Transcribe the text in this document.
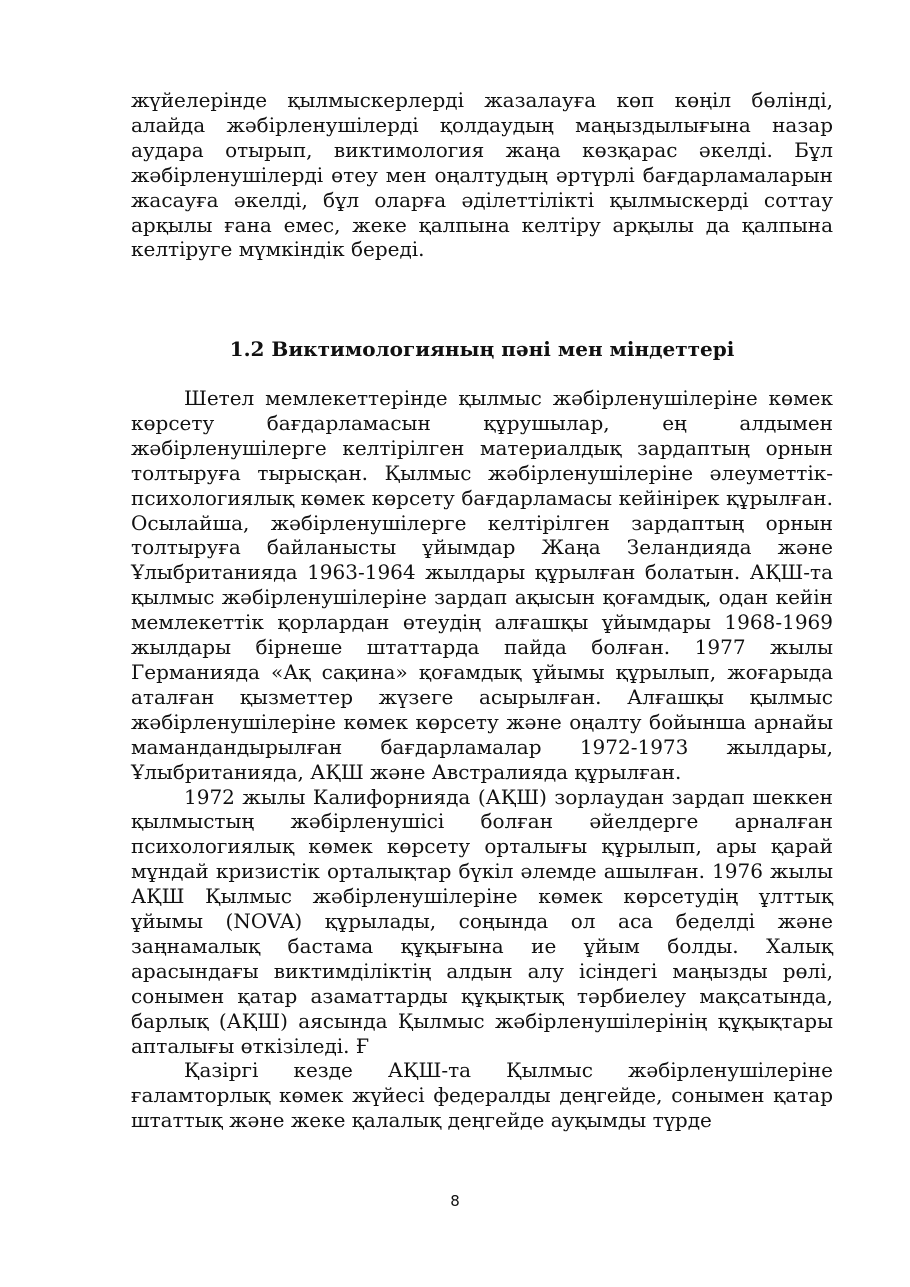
жүйелерінде қылмыскерлерді жазалауға көп көңіл бөлінді, алайда жәбірленушілерді қолдаудың маңыздылығына назар аудара отырып, виктимология жаңа көзқарас әкелді. Бұл жәбірленушілерді өтеу мен оңалтудың әртүрлі бағдарламаларын жасауға әкелді, бұл оларға әділеттілікті қылмыскерді соттау арқылы ғана емес, жеке қалпына келтіру арқылы да қалпына келтіруге мүмкіндік береді.

1.2 Виктимологияның пәні мен міндеттері

Шетел мемлекеттерінде қылмыс жәбірленушілеріне көмек көрсету бағдарламасын құрушылар, ең алдымен жәбірленушілерге келтірілген материалдық зардаптың орнын толтыруға тырысқан. Қылмыс жәбірленушілеріне әлеуметтік-психологиялық көмек көрсету бағдарламасы кейінірек құрылған. Осылайша, жәбірленушілерге келтірілген зардаптың орнын толтыруға байланысты ұйымдар Жаңа Зеландияда және Ұлыбританияда 1963-1964 жылдары құрылған болатын. АҚШ-та қылмыс жәбірленушілеріне зардап ақысын қоғамдық, одан кейін мемлекеттік қорлардан өтеудің алғашқы ұйымдары 1968-1969 жылдары бірнеше штаттарда пайда болған. 1977 жылы Германияда «Ақ сақина» қоғамдық ұйымы құрылып, жоғарыда аталған қызметтер жүзеге асырылған. Алғашқы қылмыс жәбірленушілеріне көмек көрсету және оңалту бойынша арнайы мамандандырылған бағдарламалар 1972-1973 жылдары, Ұлыбританияда, АҚШ және Австралияда құрылған.

1972 жылы Калифорнияда (АҚШ) зорлаудан зардап шеккен қылмыстың жәбірленушісі болған әйелдерге арналған психологиялық көмек көрсету орталығы құрылып, ары қарай мұндай кризистік орталықтар бүкіл әлемде ашылған. 1976 жылы АҚШ Қылмыс жәбірленушілеріне көмек көрсетудің ұлттық ұйымы (NOVA) құрылады, соңында ол аса беделді және заңнамалық бастама құқығына ие ұйым болды. Халық арасындағы виктимділіктің алдын алу ісіндегі маңызды рөлі, сонымен қатар азаматтарды құқықтық тәрбиелеу мақсатында, барлық (АҚШ) аясында Қылмыс жәбірленушілерінің құқықтары апталығы өткізіледі. Ғ

Қазіргі кезде АҚШ-та Қылмыс жәбірленушілеріне ғаламторлық көмек жүйесі федералды деңгейде, сонымен қатар штаттық және жеке қалалық деңгейде ауқымды түрде

8
